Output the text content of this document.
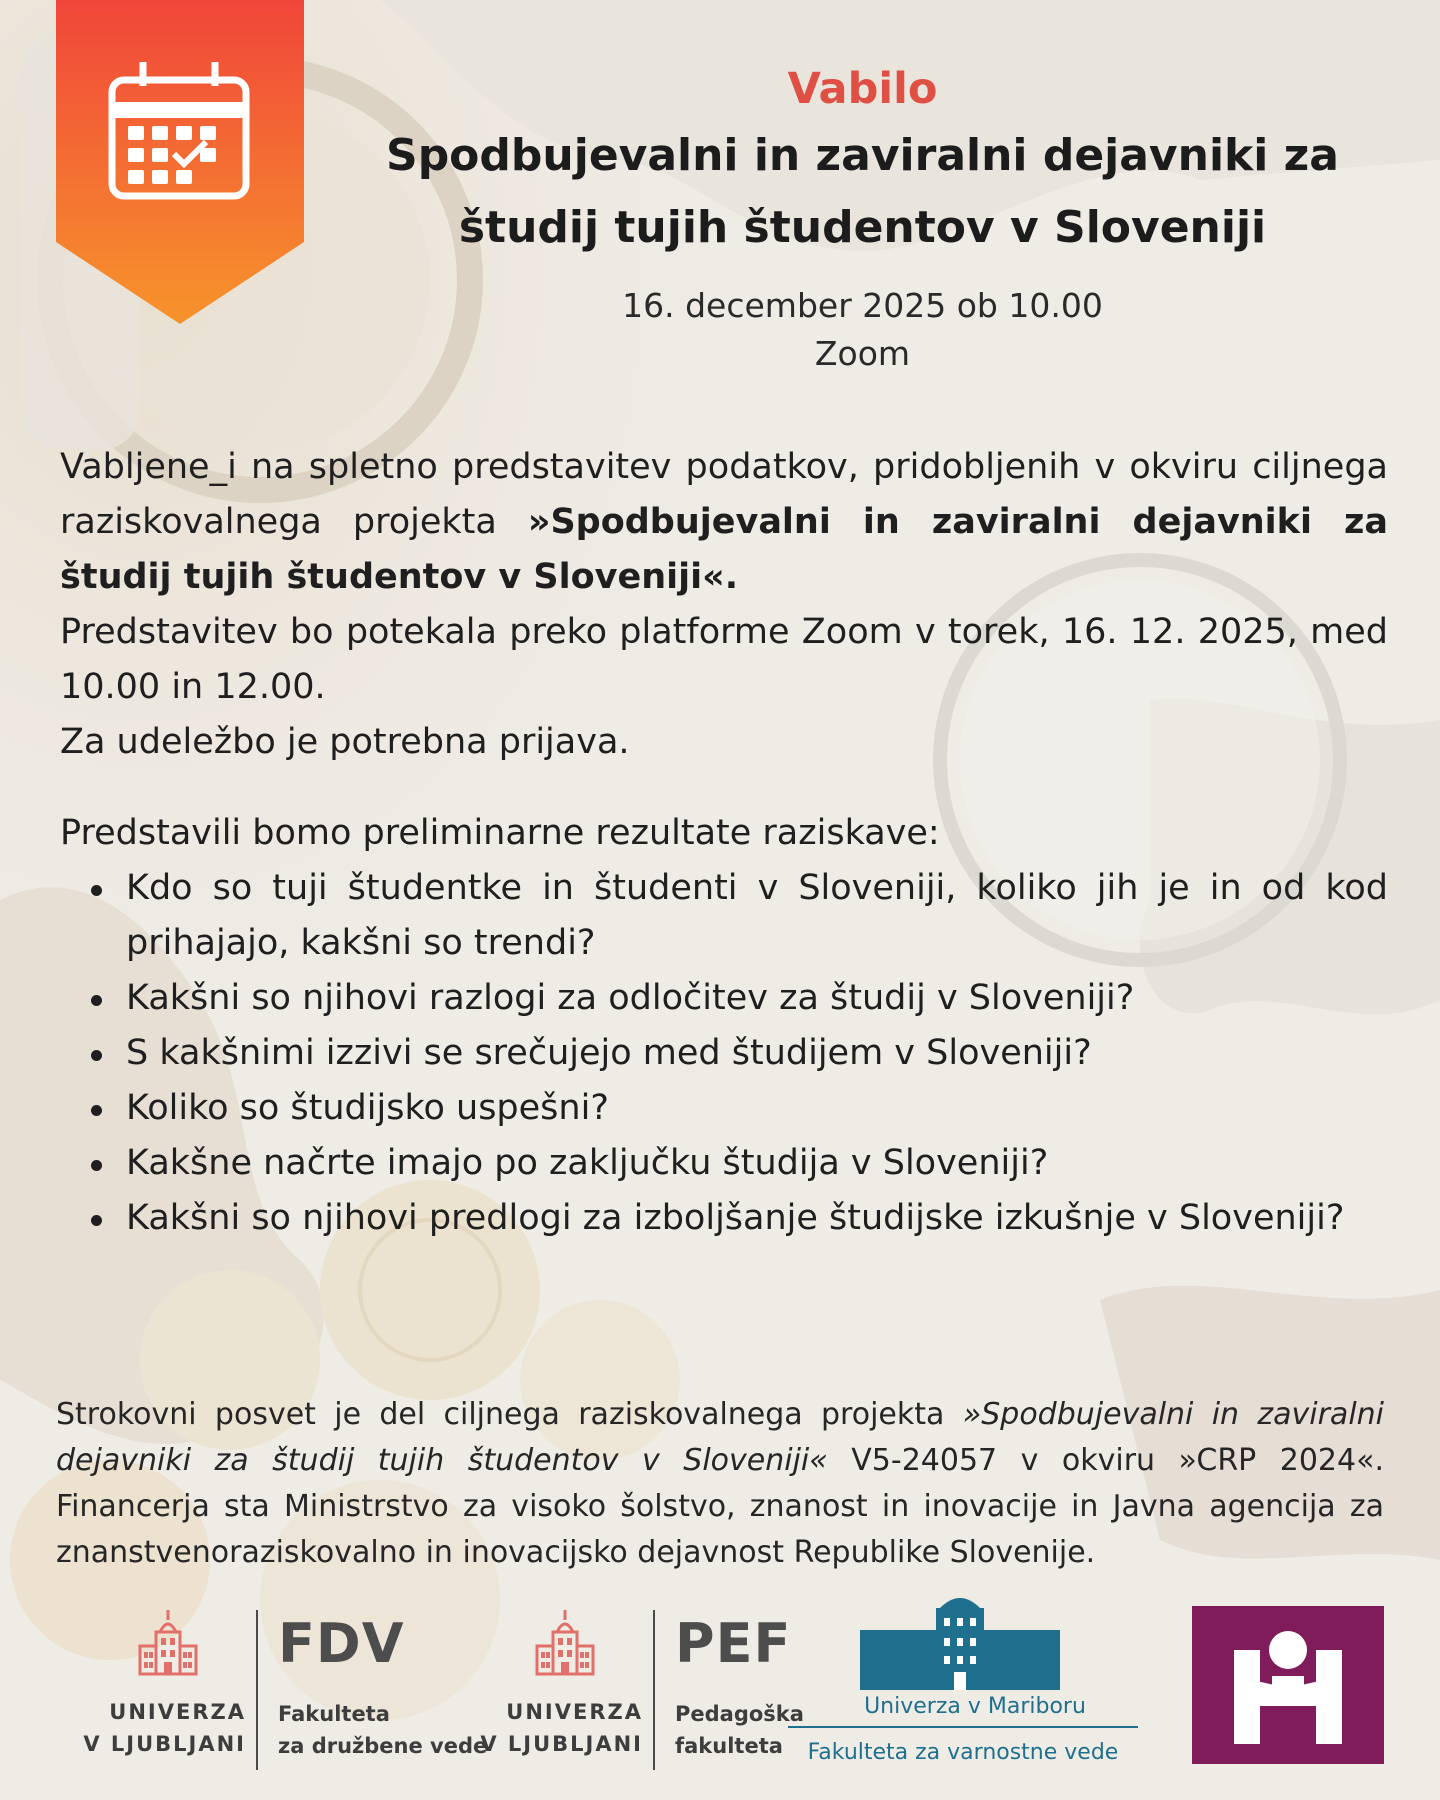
Vabilo
Spodbujevalni in zaviralni dejavniki za
študij tujih študentov v Sloveniji
16. december 2025 ob 10.00
Zoom

Vabljene_i na spletno predstavitev podatkov, pridobljenih v okviru ciljnega raziskovalnega projekta »Spodbujevalni in zaviralni dejavniki za študij tujih študentov v Sloveniji«.

Predstavitev bo potekala preko platforme Zoom v torek, 16. 12. 2025, med 10.00 in 12.00.

Za udeležbo je potrebna prijava.

Predstavili bomo preliminarne rezultate raziskave:

Kdo so tuji študentke in študenti v Sloveniji, koliko jih je in od kod prihajajo, kakšni so trendi?
Kakšni so njihovi razlogi za odločitev za študij v Sloveniji?
S kakšnimi izzivi se srečujejo med študijem v Sloveniji?
Koliko so študijsko uspešni?
Kakšne načrte imajo po zaključku študija v Sloveniji?
Kakšni so njihovi predlogi za izboljšanje študijske izkušnje v Sloveniji?

Strokovni posvet je del ciljnega raziskovalnega projekta »Spodbujevalni in zaviralni dejavniki za študij tujih študentov v Sloveniji« V5-24057 v okviru »CRP 2024«. Financerja sta Ministrstvo za visoko šolstvo, znanost in inovacije in Javna agencija za znanstvenoraziskovalno in inovacijsko dejavnost Republike Slovenije.

UNIVERZA
V LJUBLJANI
FDV
Fakulteta
za družbene vede
UNIVERZA
V LJUBLJANI
PEF
Pedagoška
fakulteta
Univerza v Mariboru
Fakulteta za varnostne vede
